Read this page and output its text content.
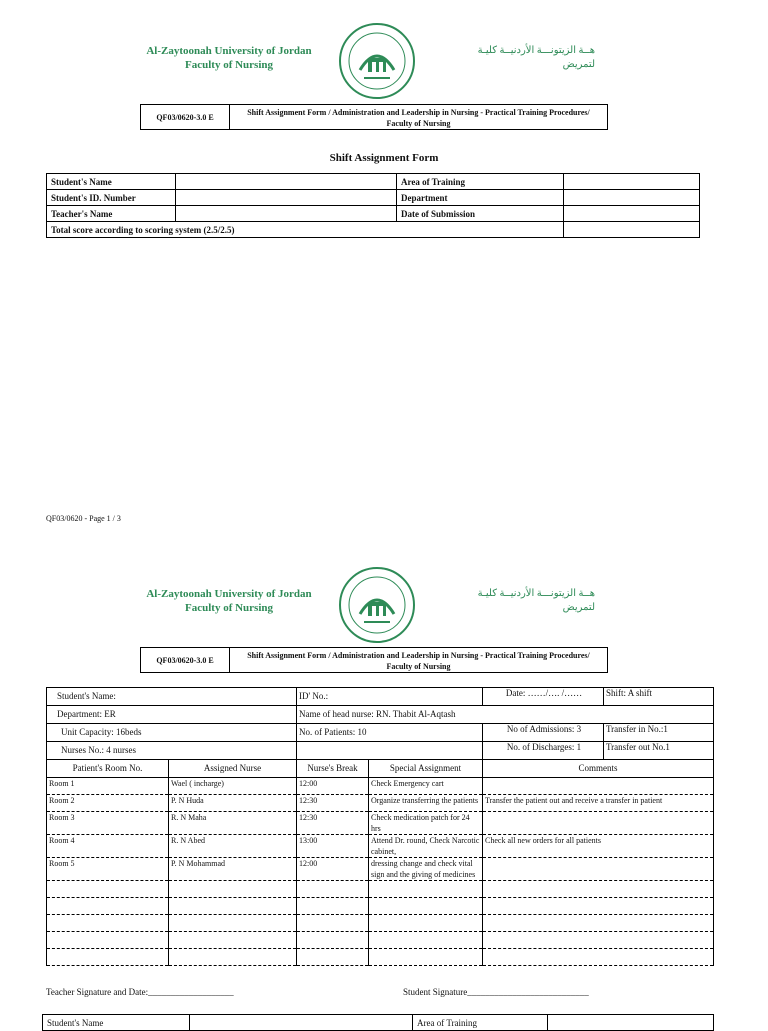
Al-Zaytoonah University of Jordan
Faculty of Nursing
هــة الزيتونـــة الأردنيــة كليـة
لتمريض
QF03/0620-3.0 E	Shift Assignment Form / Administration and Leadership in Nursing - Practical Training Procedures/ Faculty of Nursing
Shift Assignment Form
Student's Name		Area of Training	
Student's ID. Number		Department	
Teacher's Name		Date of Submission	
Total score according to scoring system (2.5/2.5)			
QF03/0620 - Page 1 / 3
Al-Zaytoonah University of Jordan
Faculty of Nursing
هــة الزيتونـــة الأردنيــة كليـة
لتمريض
QF03/0620-3.0 E	Shift Assignment Form / Administration and Leadership in Nursing - Practical Training Procedures/ Faculty of Nursing
Student's Name:		ID' No.:		Date: ……/…. /…… Shift: A shift

Department: ER		Name of head nurse: RN. Thabit Al-Aqtash		
Unit Capacity: 16beds		No. of Patients: 10		No of Admissions: 3 Transfer in No.:1

Nurses No.: 4 nurses				No. of Discharges: 1 Transfer out No.1

Patient's Room No.	Assigned Nurse	Nurse's Break	Special Assignment	Comments
Room 1	Wael ( incharge)	12:00	Check Emergency cart	
Room 2	P. N Huda	12:30	Organize transferring the patients	Transfer the patient out and receive a transfer in patient
Room 3	R. N Maha	12:30	Check medication patch for 24 hrs	
Room 4	R. N Abed	13:00	Attend Dr. round, Check Narcotic cabinet,	Check all new orders for all patients
Room 5	P. N Mohammad	12:00	dressing change and check vital sign and the giving of medicines	

Teacher Signature and Date:___________________	Student Signature___________________________
Student's Name		Area of Training	
